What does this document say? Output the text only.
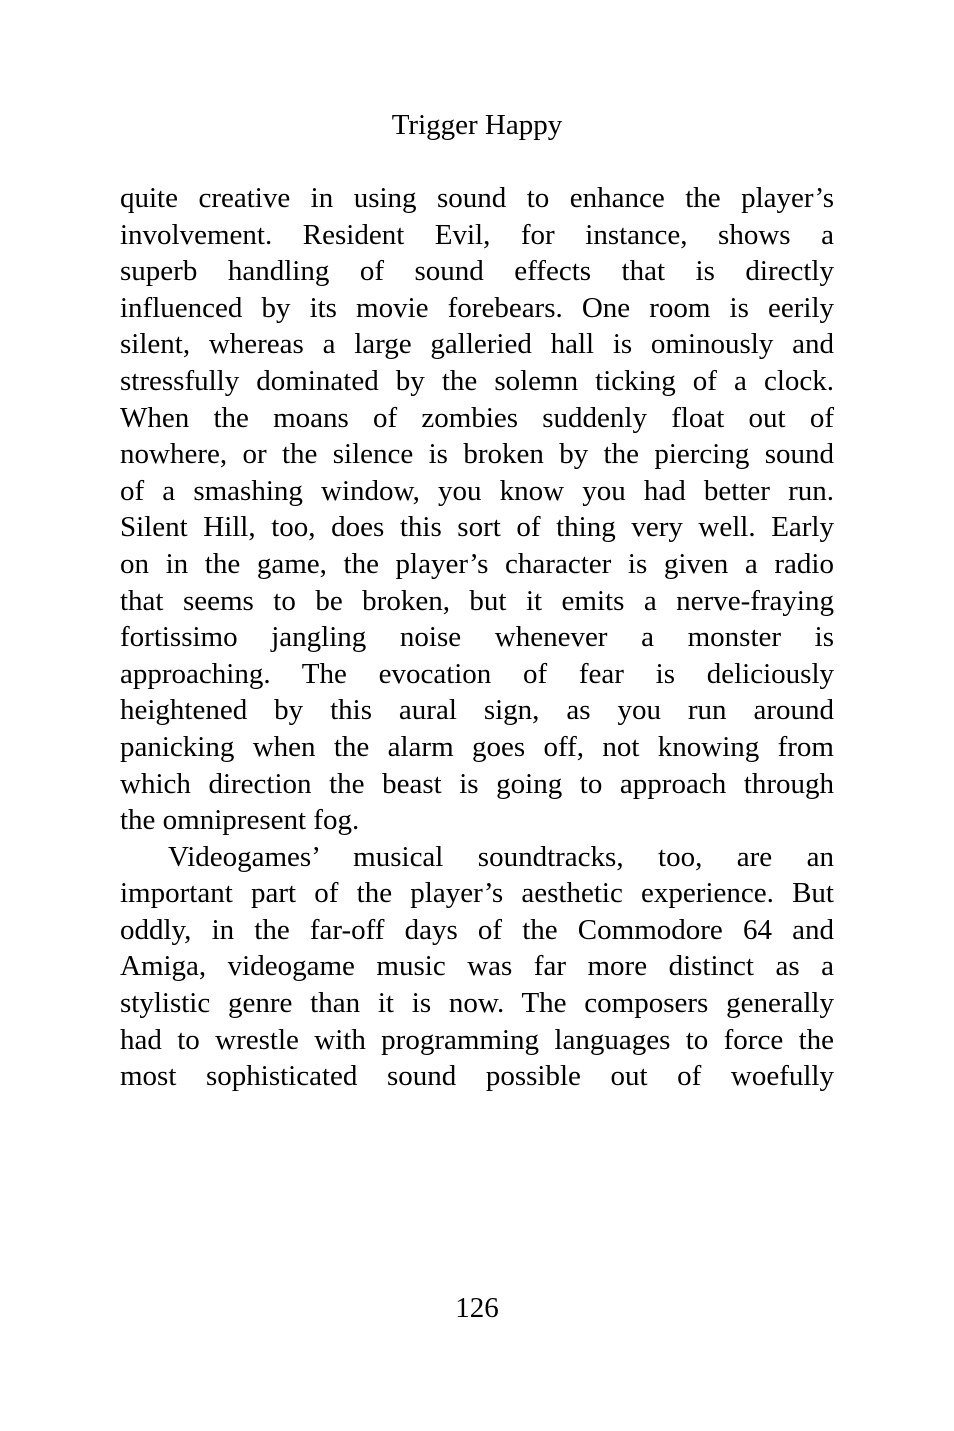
Trigger Happy
quite creative in using sound to enhance the player’s
involvement. Resident Evil, for instance, shows a
superb handling of sound effects that is directly
influenced by its movie forebears. One room is eerily
silent, whereas a large galleried hall is ominously and
stressfully dominated by the solemn ticking of a clock.
When the moans of zombies suddenly float out of
nowhere, or the silence is broken by the piercing sound
of a smashing window, you know you had better run.
Silent Hill, too, does this sort of thing very well. Early
on in the game, the player’s character is given a radio
that seems to be broken, but it emits a nerve-fraying
fortissimo jangling noise whenever a monster is
approaching. The evocation of fear is deliciously
heightened by this aural sign, as you run around
panicking when the alarm goes off, not knowing from
which direction the beast is going to approach through
the omnipresent fog.
Videogames’ musical soundtracks, too, are an
important part of the player’s aesthetic experience. But
oddly, in the far-off days of the Commodore 64 and
Amiga, videogame music was far more distinct as a
stylistic genre than it is now. The composers generally
had to wrestle with programming languages to force the
most sophisticated sound possible out of woefully
126
